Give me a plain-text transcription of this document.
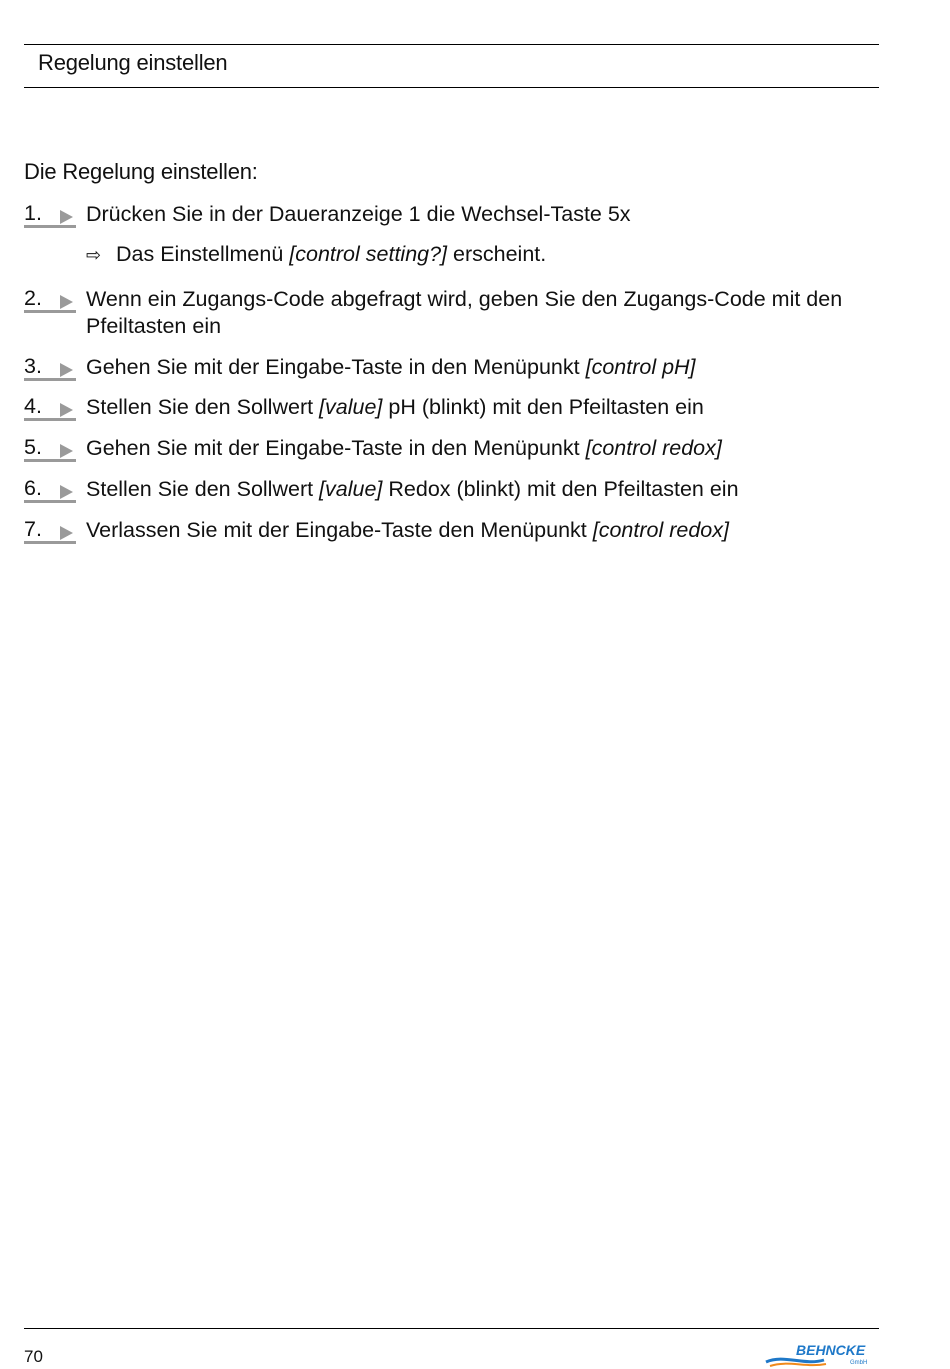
Regelung einstellen
Die Regelung einstellen:
1. Drücken Sie in der Daueranzeige 1 die Wechsel-Taste 5x
⇨ Das Einstellmenü [control setting?] erscheint.
2. Wenn ein Zugangs-Code abgefragt wird, geben Sie den Zugangs-Code mit den Pfeiltasten ein
3. Gehen Sie mit der Eingabe-Taste in den Menüpunkt [control pH]
4. Stellen Sie den Sollwert [value] pH (blinkt) mit den Pfeiltasten ein
5. Gehen Sie mit der Eingabe-Taste in den Menüpunkt [control redox]
6. Stellen Sie den Sollwert [value] Redox (blinkt) mit den Pfeiltasten ein
7. Verlassen Sie mit der Eingabe-Taste den Menüpunkt [control redox]
70	BEHNCKE
GmbH
